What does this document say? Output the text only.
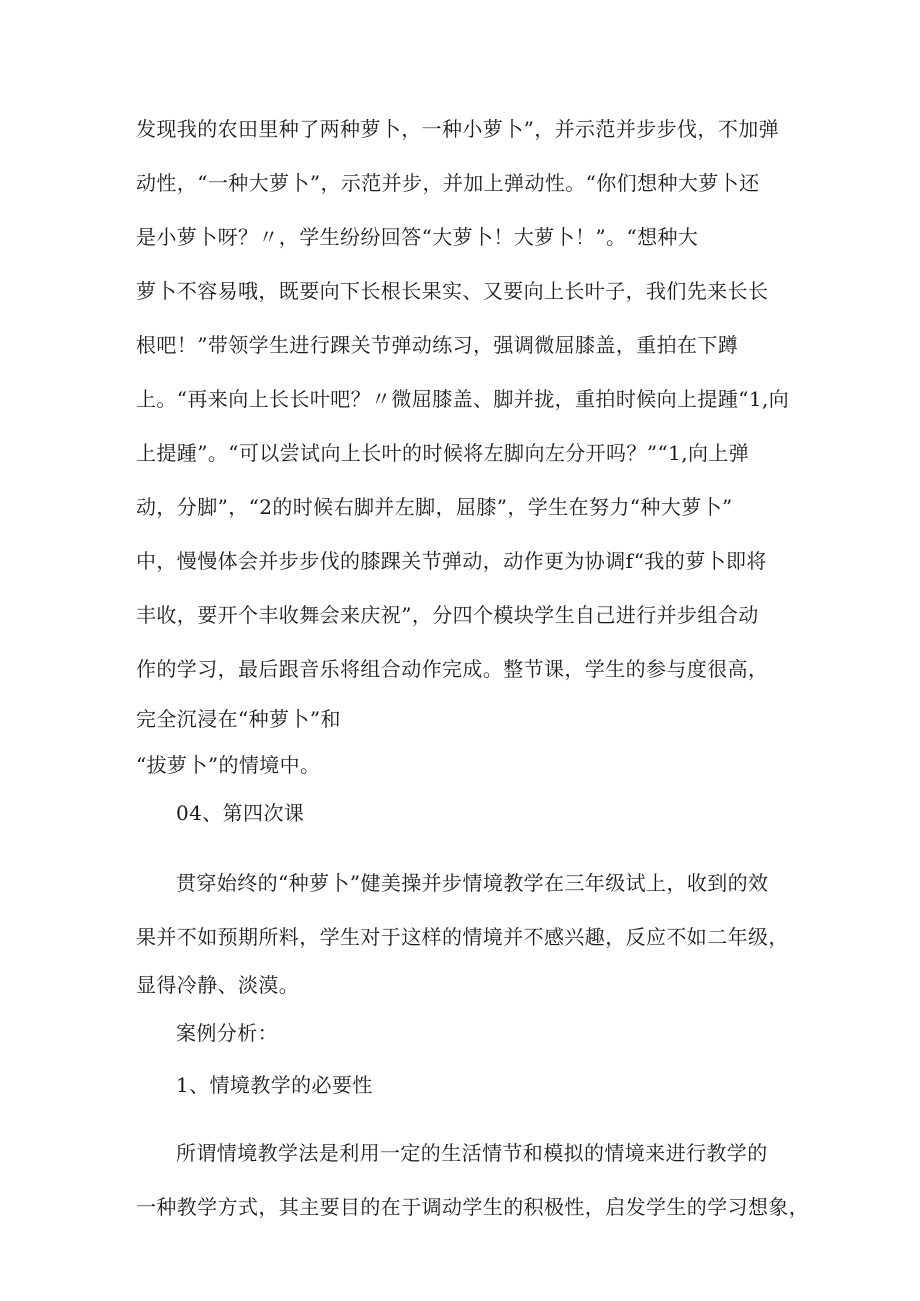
发现我的农田里种了两种萝卜，一种小萝卜”，并示范并步步伐，不加弹
动性，“一种大萝卜”，示范并步，并加上弹动性。“你们想种大萝卜还
是小萝卜呀？〃，学生纷纷回答“大萝卜！大萝卜！”。“想种大
萝卜不容易哦，既要向下长根长果实、又要向上长叶子，我们先来长长
根吧！”带领学生进行踝关节弹动练习，强调微屈膝盖，重拍在下蹲
上。“再来向上长长叶吧？〃微屈膝盖、脚并拢，重拍时候向上提踵“1,向
上提踵”。“可以尝试向上长叶的时候将左脚向左分开吗？”“1,向上弹
动，分脚”，“2的时候右脚并左脚，屈膝”，学生在努力“种大萝卜”
中，慢慢体会并步步伐的膝踝关节弹动，动作更为协调f“我的萝卜即将
丰收，要开个丰收舞会来庆祝”，分四个模块学生自己进行并步组合动
作的学习，最后跟音乐将组合动作完成。整节课，学生的参与度很高，
完全沉浸在“种萝卜”和
“拔萝卜”的情境中。
04、第四次课
贯穿始终的“种萝卜”健美操并步情境教学在三年级试上，收到的效
果并不如预期所料，学生对于这样的情境并不感兴趣，反应不如二年级，
显得冷静、淡漠。
案例分析：
1、情境教学的必要性
所谓情境教学法是利用一定的生活情节和模拟的情境来进行教学的
一种教学方式，其主要目的在于调动学生的积极性，启发学生的学习想象，
